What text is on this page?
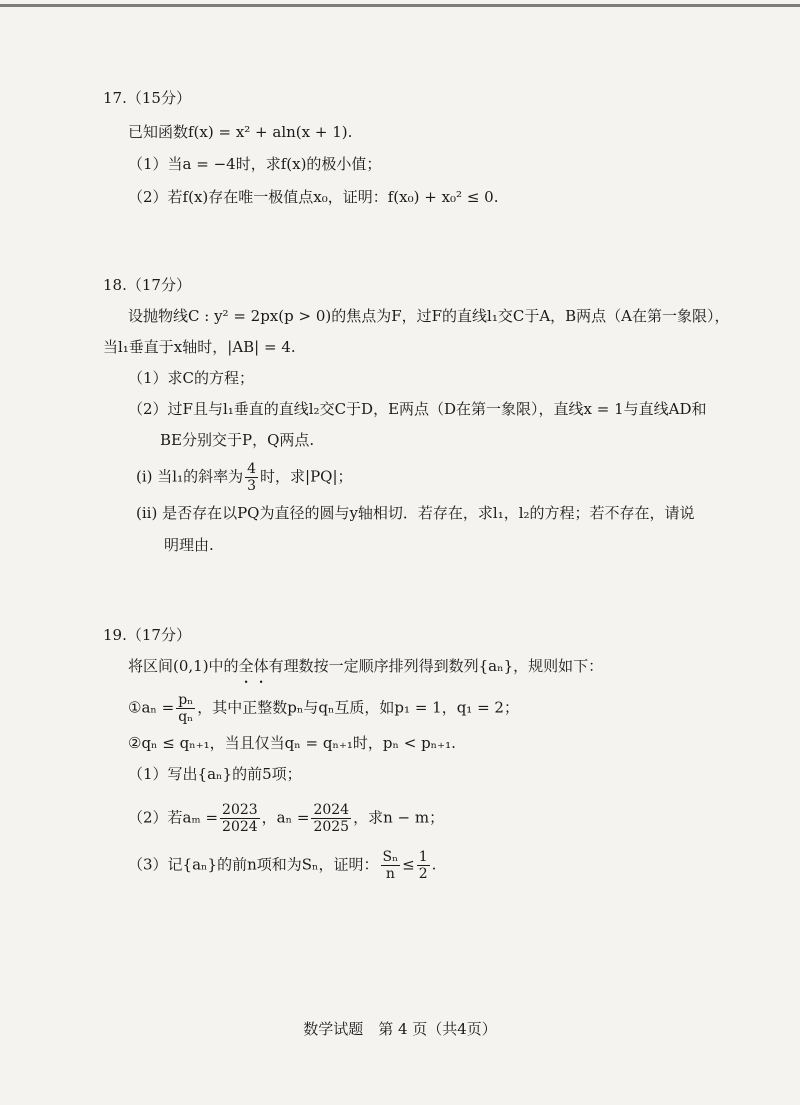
17.（15分）
已知函数f(x) = x² + aln(x + 1).
（1）当a = −4时，求f(x)的极小值；
（2）若f(x)存在唯一极值点x₀，证明：f(x₀) + x₀² ≤ 0.
18.（17分）
设抛物线C : y² = 2px(p > 0)的焦点为F，过F的直线l₁交C于A，B两点（A在第一象限），
当l₁垂直于x轴时，|AB| = 4.
（1）求C的方程；
（2）过F且与l₁垂直的直线l₂交C于D，E两点（D在第一象限），直线x = 1与直线AD和
BE分别交于P，Q两点.
(i) 当l₁的斜率为 $\frac{4}{3}$ 时，求|PQ|；
(ii) 是否存在以PQ为直径的圆与y轴相切．若存在，求l₁，l₂的方程；若不存在，请说
明理由.
19.（17分）
将区间(0,1)中的全体有理数按一定顺序排列得到数列{aₙ}，规则如下：
①aₙ = $\frac{\text{pₙ}}{\text{qₙ}}$ ，其中正整数pₙ与qₙ互质，如p₁ = 1，q₁ = 2；
②qₙ ≤ qₙ₊₁，当且仅当qₙ = qₙ₊₁时，pₙ < pₙ₊₁.
（1）写出{aₙ}的前5项；
（2）若$a_m = \frac{2023}{2024}$ ，$a_n = \frac{2024}{2025}$ ，求n − m；
（3）记{aₙ}的前n项和为Sₙ，证明： $\frac{\text{Sₙ}}{n} \le \frac{1}{2}$ .
数学试题　第 4 页（共4页）
